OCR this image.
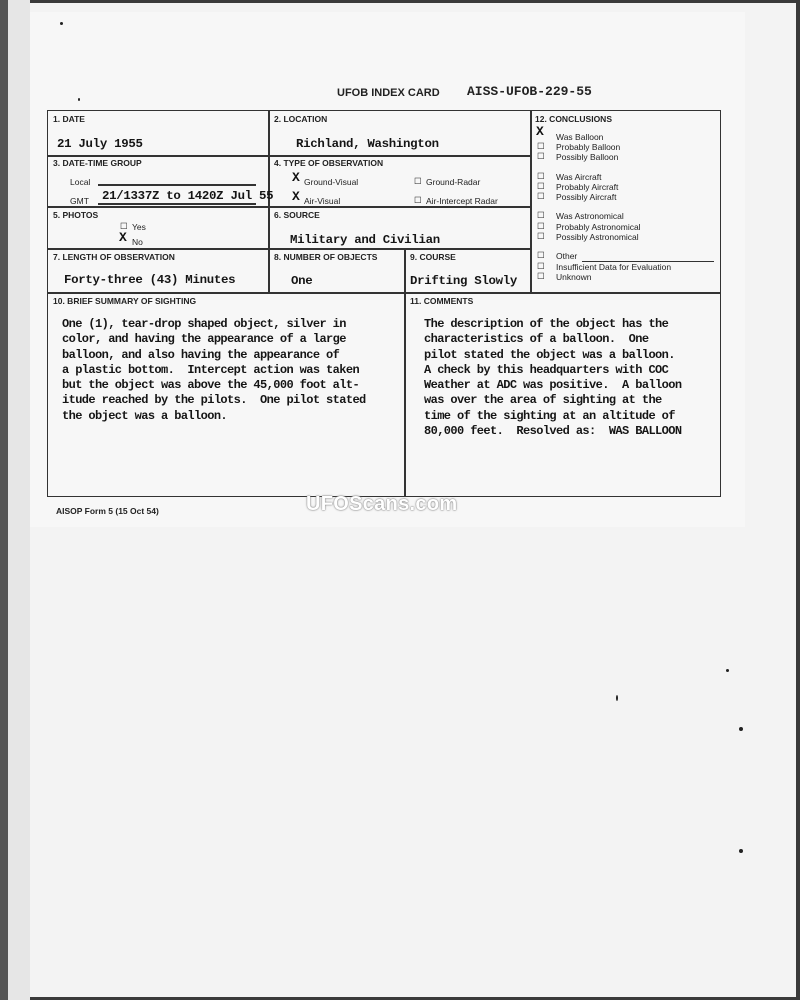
UFOB INDEX CARD AISS-UFOB-229-55
1. DATE
21 July 1955
2. LOCATION
Richland, Washington
3. DATE-TIME GROUP
Local
GMT 21/1337Z to 1420Z Jul 55
4. TYPE OF OBSERVATION
X Ground-Visual	☐ Ground-Radar
X Air-Visual	☐ Air-Intercept Radar
5. PHOTOS
☐ Yes
X No
6. SOURCE
Military and Civilian
7. LENGTH OF OBSERVATION
Forty-three (43) Minutes
8. NUMBER OF OBJECTS
One
9. COURSE
Drifting Slowly
10. BRIEF SUMMARY OF SIGHTING
One (1), tear-drop shaped object, silver in
color, and having the appearance of a large
balloon, and also having the appearance of
a plastic bottom.  Intercept action was taken
but the object was above the 45,000 foot alt-
itude reached by the pilots.  One pilot stated
the object was a balloon.
11. COMMENTS
The description of the object has the
characteristics of a balloon.  One
pilot stated the object was a balloon.
A check by this headquarters with COC
Weather at ADC was positive.  A balloon
was over the area of sighting at the
time of the sighting at an altitude of
80,000 feet.  Resolved as:  WAS BALLOON
12. CONCLUSIONS
X Was Balloon
☐ Probably Balloon
☐ Possibly Balloon
☐ Was Aircraft
☐ Probably Aircraft
☐ Possibly Aircraft
☐ Was Astronomical
☐ Probably Astronomical
☐ Possibly Astronomical
☐ Other
☐ Insufficient Data for Evaluation
☐ Unknown
AISOP Form 5 (15 Oct 54)	UFOScans.com
